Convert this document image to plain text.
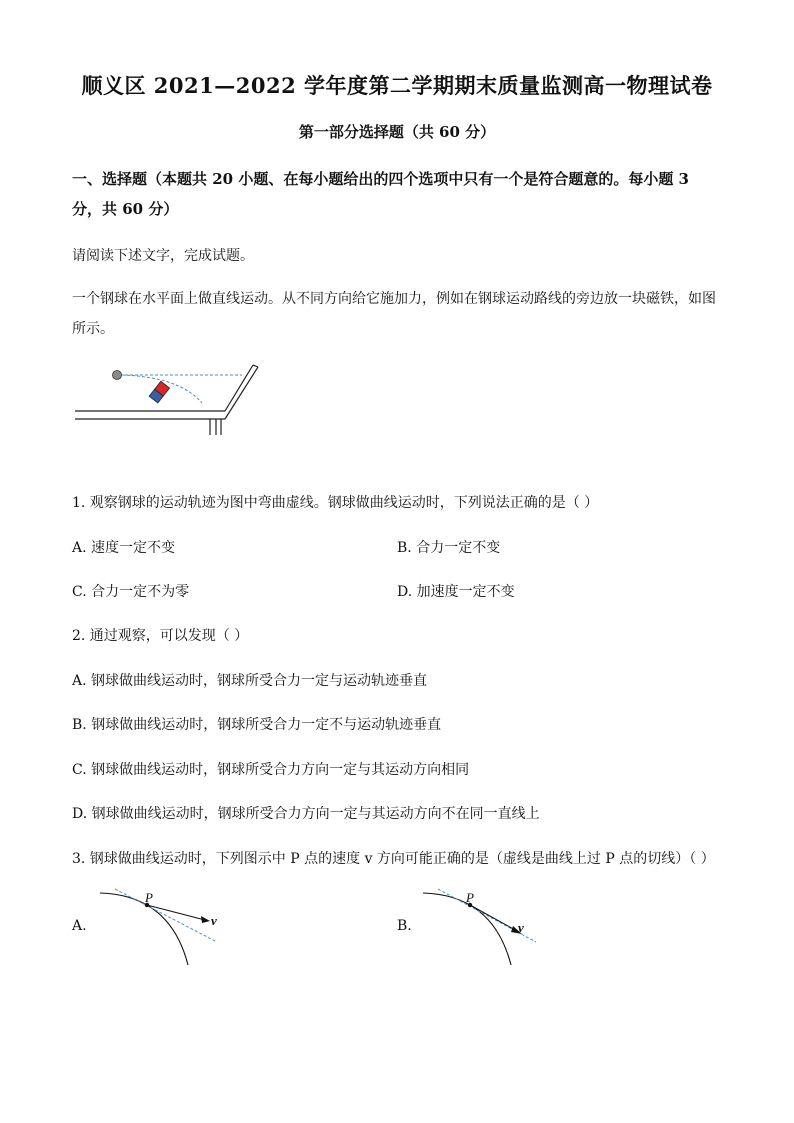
顺义区 2021—2022 学年度第二学期期末质量监测高一物理试卷
第一部分选择题（共 60 分）
一、选择题（本题共 20 小题、在每小题给出的四个选项中只有一个是符合题意的。每小题 3
分，共 60 分）
请阅读下述文字，完成试题。
一个钢球在水平面上做直线运动。从不同方向给它施加力，例如在钢球运动路线的旁边放一块磁铁，如图
所示。
1. 观察钢球的运动轨迹为图中弯曲虚线。钢球做曲线运动时，下列说法正确的是（ ）
A. 速度一定不变	B. 合力一定不变
C. 合力一定不为零	D. 加速度一定不变
2. 通过观察，可以发现（ ）
A. 钢球做曲线运动时，钢球所受合力一定与运动轨迹垂直
B. 钢球做曲线运动时，钢球所受合力一定不与运动轨迹垂直
C. 钢球做曲线运动时，钢球所受合力方向一定与其运动方向相同
D. 钢球做曲线运动时，钢球所受合力方向一定与其运动方向不在同一直线上
3. 钢球做曲线运动时，下列图示中 P 点的速度 v 方向可能正确的是（虚线是曲线上过 P 点的切线）（ ）
A.
P
v	B.
P
v
